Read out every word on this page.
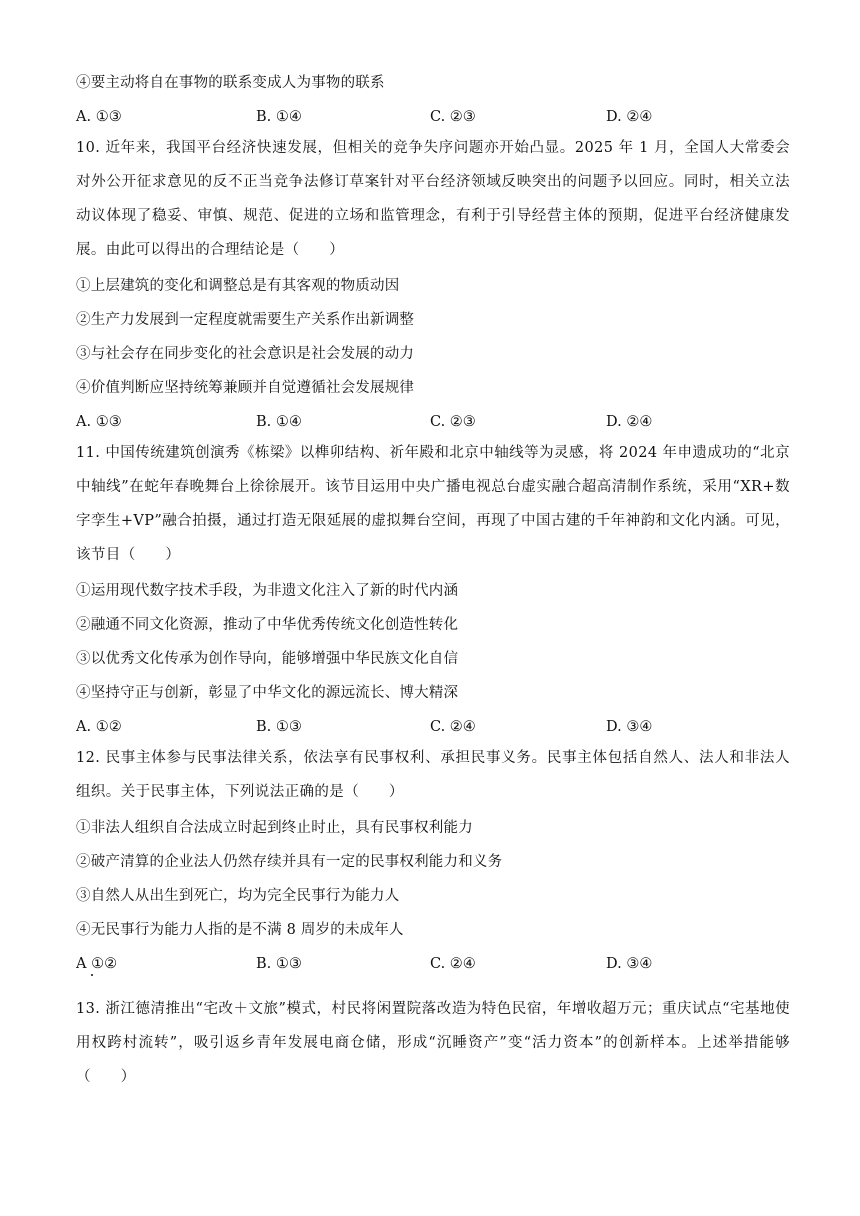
④要主动将自在事物的联系变成人为事物的联系
A. ①③	B. ①④	C. ②③	D. ②④
10. 近年来，我国平台经济快速发展，但相关的竞争失序问题亦开始凸显。2025 年 1 月，全国人大常委会对外公开征求意见的反不正当竞争法修订草案针对平台经济领域反映突出的问题予以回应。同时，相关立法动议体现了稳妥、审慎、规范、促进的立场和监管理念，有利于引导经营主体的预期，促进平台经济健康发展。由此可以得出的合理结论是（　　）
①上层建筑的变化和调整总是有其客观的物质动因
②生产力发展到一定程度就需要生产关系作出新调整
③与社会存在同步变化的社会意识是社会发展的动力
④价值判断应坚持统筹兼顾并自觉遵循社会发展规律
A. ①③	B. ①④	C. ②③	D. ②④
11. 中国传统建筑创演秀《栋梁》以榫卯结构、祈年殿和北京中轴线等为灵感，将 2024 年申遗成功的“北京中轴线”在蛇年春晚舞台上徐徐展开。该节目运用中央广播电视总台虚实融合超高清制作系统，采用“XR+数字孪生+VP”融合拍摄，通过打造无限延展的虚拟舞台空间，再现了中国古建的千年神韵和文化内涵。可见，该节目（　　）
①运用现代数字技术手段，为非遗文化注入了新的时代内涵
②融通不同文化资源，推动了中华优秀传统文化创造性转化
③以优秀文化传承为创作导向，能够增强中华民族文化自信
④坚持守正与创新，彰显了中华文化的源远流长、博大精深
A. ①②	B. ①③	C. ②④	D. ③④
12. 民事主体参与民事法律关系，依法享有民事权利、承担民事义务。民事主体包括自然人、法人和非法人组织。关于民事主体，下列说法正确的是（　　）
①非法人组织自合法成立时起到终止时止，具有民事权利能力
②破产清算的企业法人仍然存续并具有一定的民事权利能力和义务
③自然人从出生到死亡，均为完全民事行为能力人
④无民事行为能力人指的是不满 8 周岁的未成年人
A ①②	B. ①③	C. ②④	D. ③④
13. 浙江德清推出“宅改＋文旅”模式，村民将闲置院落改造为特色民宿，年增收超万元；重庆试点“宅基地使用权跨村流转”，吸引返乡青年发展电商仓储，形成“沉睡资产”变“活力资本”的创新样本。上述举措能够（　　）
